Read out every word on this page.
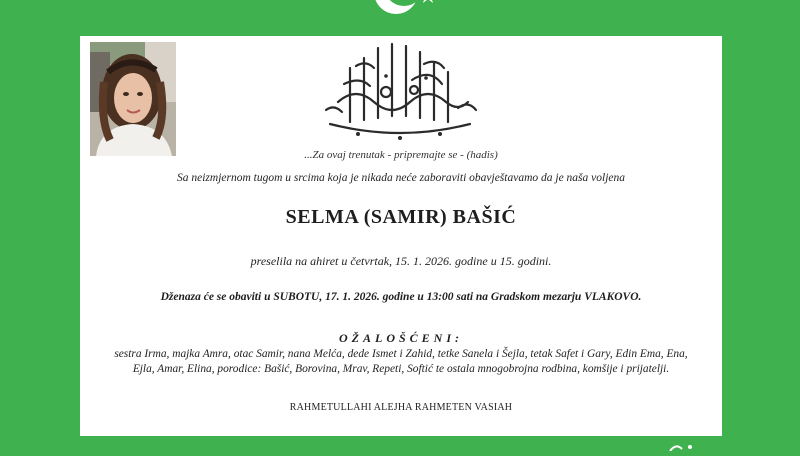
...Za ovaj trenutak - pripremajte se - (hadis)
Sa neizmjernom tugom u srcima koja je nikada neće zaboraviti obavještavamo da je naša voljena
SELMA (SAMIR) BAŠIĆ
preselila na ahiret u četvrtak, 15. 1. 2026. godine u 15. godini.
Dženaza će se obaviti u SUBOTU, 17. 1. 2026. godine u 13:00 sati na Gradskom mezarju VLAKOVO.
OŽALOŠĆENI:
sestra Irma, majka Amra, otac Samir, nana Melća, dede Ismet i Zahid, tetke Sanela i Šejla, tetak Safet i Gary, Edin Ema, Ena,
Ejla, Amar, Elina, porodice: Bašić, Borovina, Mrav, Repeti, Softić te ostala mnogobrojna rodbina, komšije i prijatelji.
RAHMETULLAHI ALEJHA RAHMETEN VASIAH
